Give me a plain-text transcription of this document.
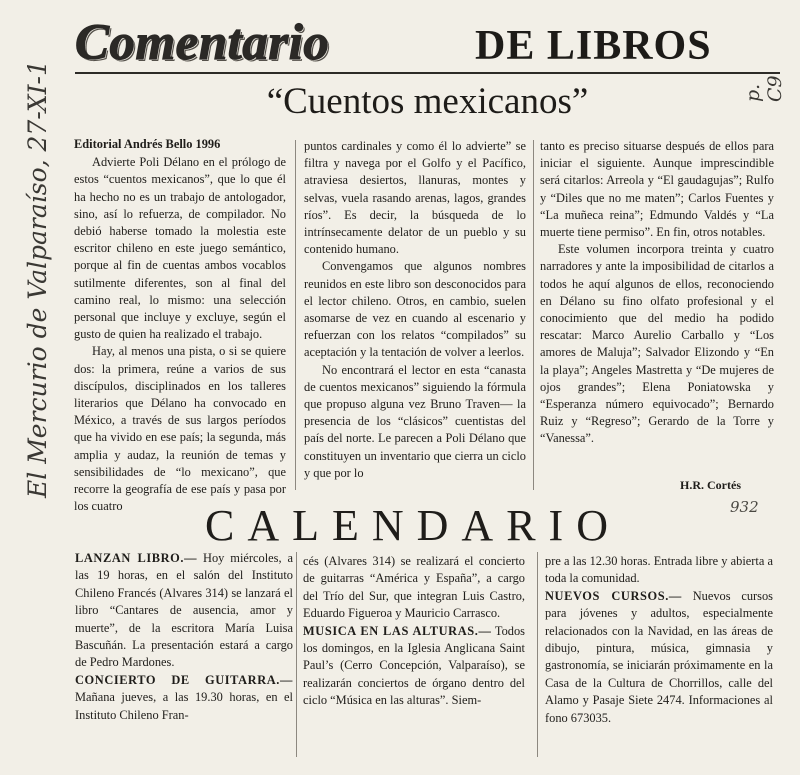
El Mercurio de Valparaíso, 27-XI-1996 Comentario	DE LIBROS
p. C9
“Cuentos mexicanos”
Editorial Andrés Bello 1996

Advierte Poli Délano en el prólogo de estos “cuentos mexicanos”, que lo que él ha hecho no es un trabajo de antologador, sino, así lo refuerza, de compilador. No debió haberse tomado la molestia este escritor chileno en este juego semántico, porque al fin de cuentas ambos vocablos sutilmente diferentes, son al final del camino real, lo mismo: una selección personal que incluye y excluye, según el gusto de quien ha realizado el trabajo.

Hay, al menos una pista, o si se quiere dos: la primera, reúne a varios de sus discípulos, disciplinados en los talleres literarios que Délano ha convocado en México, a través de sus largos períodos que ha vivido en ese país; la segunda, más amplia y audaz, la reunión de temas y sensibilidades de “lo mexicano”, que recorre la geografía de ese país y pasa por los cuatro

puntos cardinales y como él lo advierte” se filtra y navega por el Golfo y el Pacífico, atraviesa desiertos, llanuras, montes y selvas, vuela rasando arenas, lagos, grandes ríos”. Es decir, la búsqueda de lo intrínsecamente delator de un pueblo y su contenido humano.

Convengamos que algunos nombres reunidos en este libro son desconocidos para el lector chileno. Otros, en cambio, suelen asomarse de vez en cuando al escenario y refuerzan con los relatos “compilados” su aceptación y la tentación de volver a leerlos.

No encontrará el lector en esta “canasta de cuentos mexicanos” siguiendo la fórmula que propuso alguna vez Bruno Traven— la presencia de los “clásicos” cuentistas del país del norte. Le parecen a Poli Délano que constituyen un inventario que cierra un ciclo y que por lo

tanto es preciso situarse después de ellos para iniciar el siguiente. Aunque imprescindible será citarlos: Arreola y “El gaudagujas”; Rulfo y “Diles que no me maten”; Carlos Fuentes y “La muñeca reina”; Edmundo Valdés y “La muerte tiene permiso”. En fin, otros notables.

Este volumen incorpora treinta y cuatro narradores y ante la imposibilidad de citarlos a todos he aquí algunos de ellos, reconociendo en Délano su fino olfato profesional y el conocimiento que del medio ha podido rescatar: Marco Aurelio Carballo y “Los amores de Maluja”; Salvador Elizondo y “En la playa”; Angeles Mastretta y “De mujeres de ojos grandes”; Elena Poniatowska y “Esperanza número equivocado”; Bernardo Ruiz y “Regreso”; Gerardo de la Torre y “Vanessa”.

H.R. Cortés
932
CALENDARIO

LANZAN LIBRO.— Hoy miércoles, a las 19 horas, en el salón del Instituto Chileno Francés (Alvares 314) se lanzará el libro “Cantares de ausencia, amor y muerte”, de la escritora María Luisa Bascuñán. La presentación estará a cargo de Pedro Mardones.

CONCIERTO DE GUITARRA.— Mañana jueves, a las 19.30 horas, en el Instituto Chileno Fran-

cés (Alvares 314) se realizará el concierto de guitarras “América y España”, a cargo del Trío del Sur, que integran Luis Castro, Eduardo Figueroa y Mauricio Carrasco.

MUSICA EN LAS ALTURAS.— Todos los domingos, en la Iglesia Anglicana Saint Paul’s (Cerro Concepción, Valparaíso), se realizarán conciertos de órgano dentro del ciclo “Música en las alturas”. Siem-

pre a las 12.30 horas. Entrada libre y abierta a toda la comunidad.

NUEVOS CURSOS.— Nuevos cursos para jóvenes y adultos, especialmente relacionados con la Navidad, en las áreas de dibujo, pintura, música, gimnasia y gastronomía, se iniciarán próximamente en la Casa de la Cultura de Chorrillos, calle del Alamo y Pasaje Siete 2474. Informaciones al fono 673035.
